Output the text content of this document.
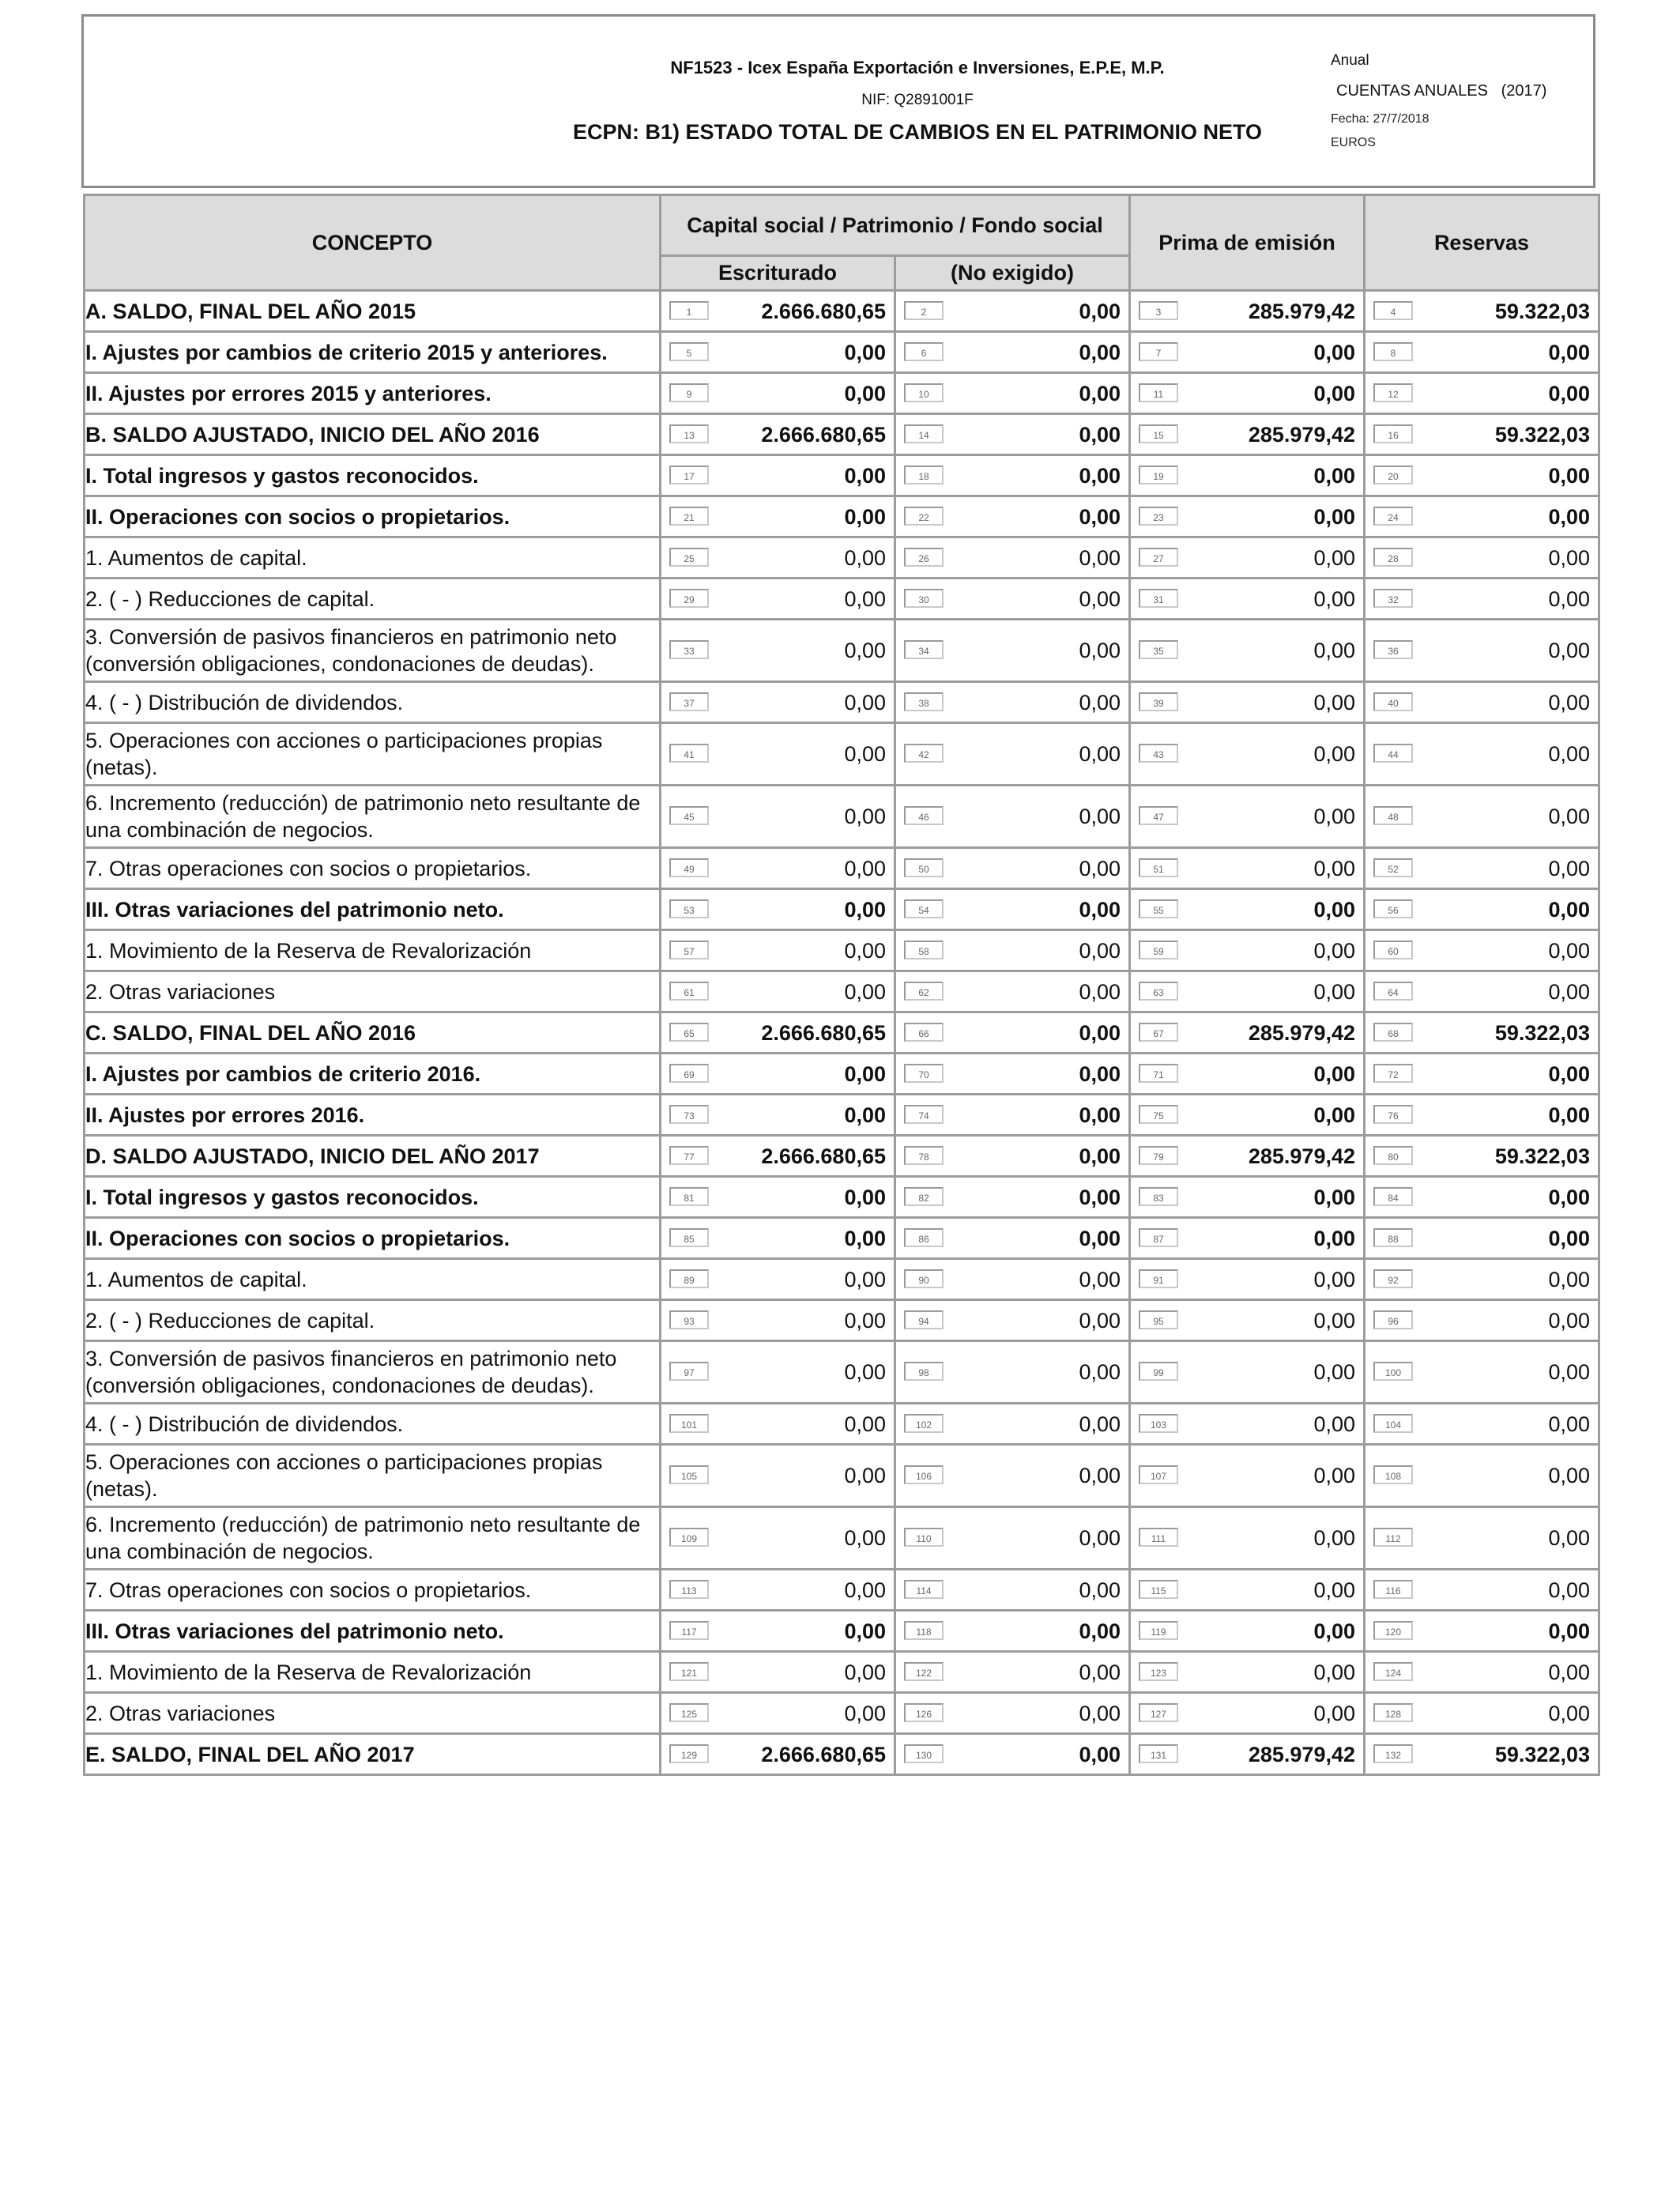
NF1523 - Icex España Exportación e Inversiones, E.P.E, M.P.
NIF: Q2891001F
ECPN: B1) ESTADO TOTAL DE CAMBIOS EN EL PATRIMONIO NETO
Anual
CUENTAS ANUALES   (2017)
Fecha: 27/7/2018
EUROS
CONCEPTO	Capital social / Patrimonio / Fondo social		Prima de emisión	Reservas
	Escriturado	(No exigido)		
A. SALDO, FINAL DEL AÑO 2015	1 2.666.680,65	2 0,00	3 285.979,42	4 59.322,03

I. Ajustes por cambios de criterio 2015 y anteriores.	5 0,00	6 0,00	7 0,00	8 0,00

II. Ajustes por errores 2015 y anteriores.	9 0,00	10 0,00	11 0,00	12 0,00

B. SALDO AJUSTADO, INICIO DEL AÑO 2016	13 2.666.680,65	14 0,00	15 285.979,42	16 59.322,03

I. Total ingresos y gastos reconocidos.	17 0,00	18 0,00	19 0,00	20 0,00

II. Operaciones con socios o propietarios.	21 0,00	22 0,00	23 0,00	24 0,00

1. Aumentos de capital.	25 0,00	26 0,00	27 0,00	28 0,00

2. ( - ) Reducciones de capital.	29 0,00	30 0,00	31 0,00	32 0,00

3. Conversión de pasivos financieros en patrimonio neto (conversión obligaciones, condonaciones de deudas).	33 0,00	34 0,00	35 0,00	36 0,00

4. ( - ) Distribución de dividendos.	37 0,00	38 0,00	39 0,00	40 0,00

5. Operaciones con acciones o participaciones propias (netas).	41 0,00	42 0,00	43 0,00	44 0,00

6. Incremento (reducción) de patrimonio neto resultante de una combinación de negocios.	45 0,00	46 0,00	47 0,00	48 0,00

7. Otras operaciones con socios o propietarios.	49 0,00	50 0,00	51 0,00	52 0,00

III. Otras variaciones del patrimonio neto.	53 0,00	54 0,00	55 0,00	56 0,00

1. Movimiento de la Reserva de Revalorización	57 0,00	58 0,00	59 0,00	60 0,00

2. Otras variaciones	61 0,00	62 0,00	63 0,00	64 0,00

C. SALDO, FINAL DEL AÑO 2016	65 2.666.680,65	66 0,00	67 285.979,42	68 59.322,03

I. Ajustes por cambios de criterio 2016.	69 0,00	70 0,00	71 0,00	72 0,00

II. Ajustes por errores 2016.	73 0,00	74 0,00	75 0,00	76 0,00

D. SALDO AJUSTADO, INICIO DEL AÑO 2017	77 2.666.680,65	78 0,00	79 285.979,42	80 59.322,03

I. Total ingresos y gastos reconocidos.	81 0,00	82 0,00	83 0,00	84 0,00

II. Operaciones con socios o propietarios.	85 0,00	86 0,00	87 0,00	88 0,00

1. Aumentos de capital.	89 0,00	90 0,00	91 0,00	92 0,00

2. ( - ) Reducciones de capital.	93 0,00	94 0,00	95 0,00	96 0,00

3. Conversión de pasivos financieros en patrimonio neto (conversión obligaciones, condonaciones de deudas).	97 0,00	98 0,00	99 0,00	100 0,00

4. ( - ) Distribución de dividendos.	101 0,00	102 0,00	103 0,00	104 0,00

5. Operaciones con acciones o participaciones propias (netas).	105 0,00	106 0,00	107 0,00	108 0,00

6. Incremento (reducción) de patrimonio neto resultante de una combinación de negocios.	109 0,00	110 0,00	111 0,00	112 0,00

7. Otras operaciones con socios o propietarios.	113 0,00	114 0,00	115 0,00	116 0,00

III. Otras variaciones del patrimonio neto.	117 0,00	118 0,00	119 0,00	120 0,00

1. Movimiento de la Reserva de Revalorización	121 0,00	122 0,00	123 0,00	124 0,00

2. Otras variaciones	125 0,00	126 0,00	127 0,00	128 0,00

E. SALDO, FINAL DEL AÑO 2017	129 2.666.680,65	130 0,00	131 285.979,42	132 59.322,03
